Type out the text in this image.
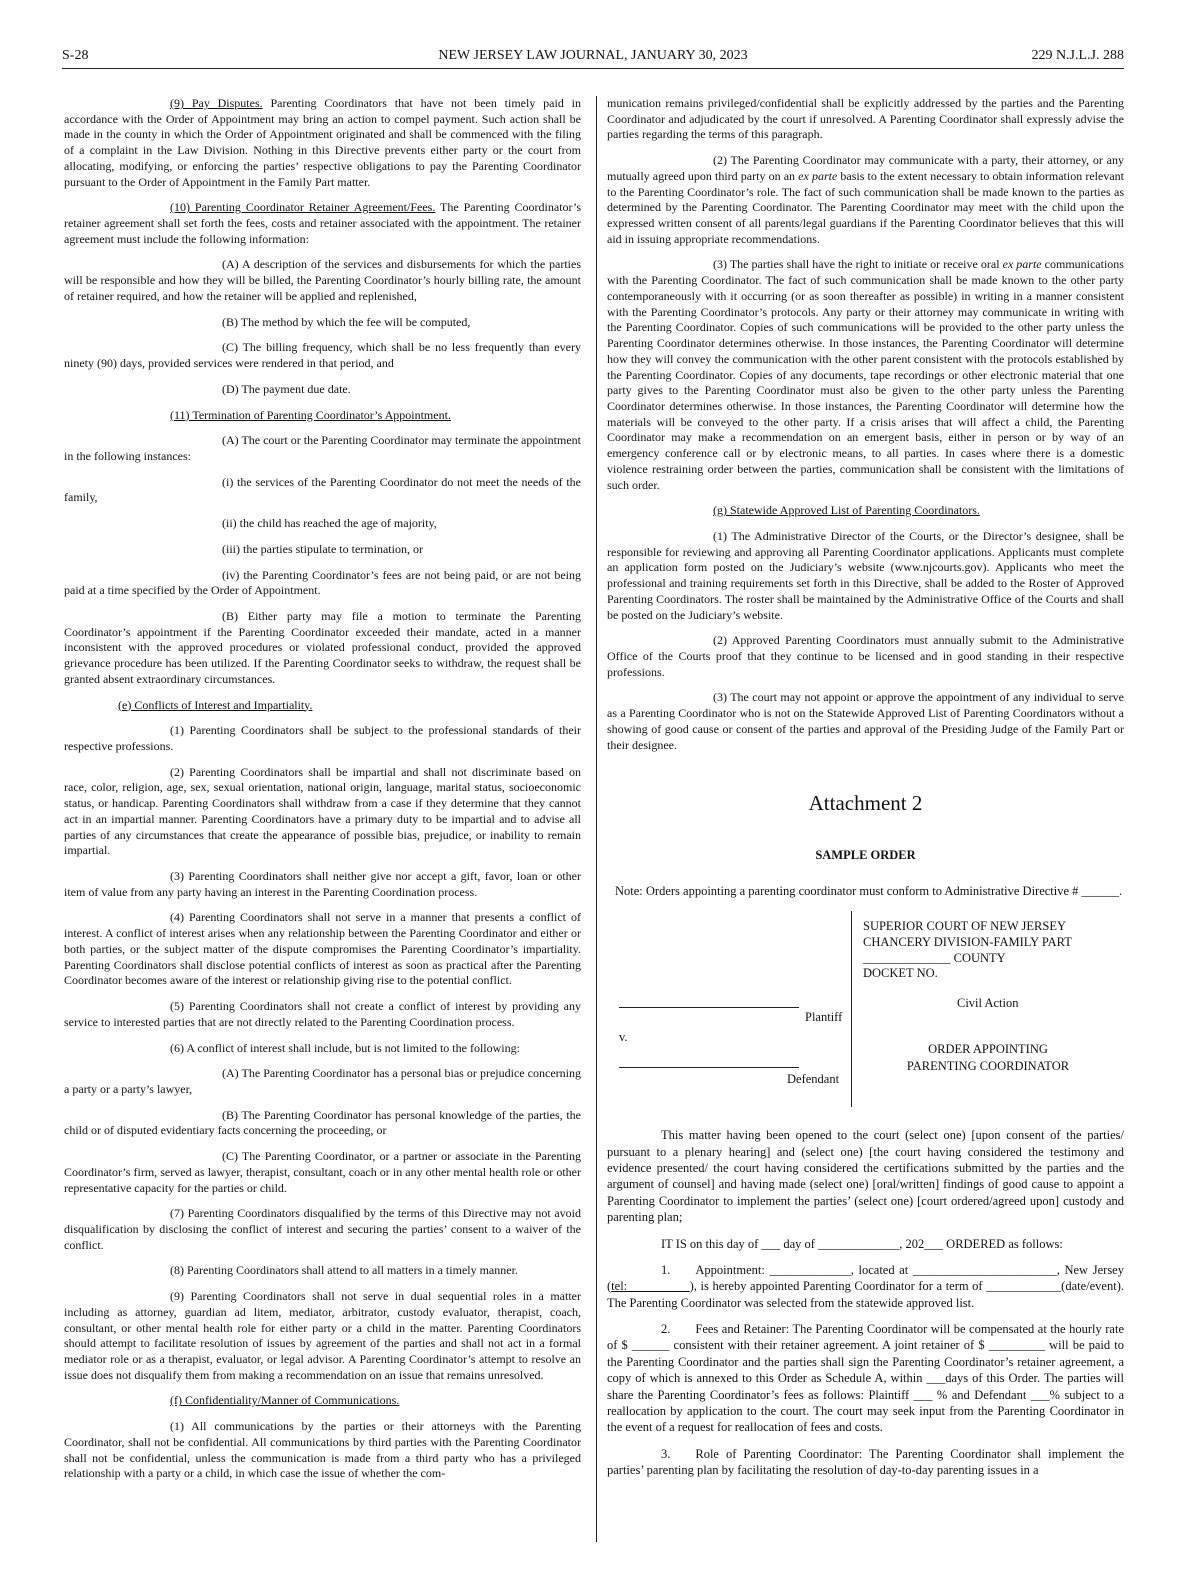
S-28	NEW JERSEY LAW JOURNAL, JANUARY 30, 2023	229 N.J.L.J. 288

(9) Pay Disputes. Parenting Coordinators that have not been timely paid in accordance with the Order of Appointment may bring an action to compel payment. Such action shall be made in the county in which the Order of Appointment originated and shall be commenced with the filing of a complaint in the Law Division. Nothing in this Directive prevents either party or the court from allocating, modifying, or enforcing the parties’ respective obligations to pay the Parenting Coordinator pursuant to the Order of Appointment in the Family Part matter.

(10) Parenting Coordinator Retainer Agreement/Fees. The Parenting Coordinator’s retainer agreement shall set forth the fees, costs and retainer associated with the appointment. The retainer agreement must include the following information:

(A) A description of the services and disbursements for which the parties will be responsible and how they will be billed, the Parenting Coordinator’s hourly billing rate, the amount of retainer required, and how the retainer will be applied and replenished,

(B) The method by which the fee will be computed,

(C) The billing frequency, which shall be no less frequently than every ninety (90) days, provided services were rendered in that period, and

(D) The payment due date.

(11) Termination of Parenting Coordinator’s Appointment.

(A) The court or the Parenting Coordinator may terminate the appointment in the following instances:

(i) the services of the Parenting Coordinator do not meet the needs of the family,

(ii) the child has reached the age of majority,

(iii) the parties stipulate to termination, or

(iv) the Parenting Coordinator’s fees are not being paid, or are not being paid at a time specified by the Order of Appointment.

(B) Either party may file a motion to terminate the Parenting Coordinator’s appointment if the Parenting Coordinator exceeded their mandate, acted in a manner inconsistent with the approved procedures or violated professional conduct, provided the approved grievance procedure has been utilized. If the Parenting Coordinator seeks to withdraw, the request shall be granted absent extraordinary circumstances.

(e) Conflicts of Interest and Impartiality.

(1) Parenting Coordinators shall be subject to the professional standards of their respective professions.

(2) Parenting Coordinators shall be impartial and shall not discriminate based on race, color, religion, age, sex, sexual orientation, national origin, language, marital status, socioeconomic status, or handicap. Parenting Coordinators shall withdraw from a case if they determine that they cannot act in an impartial manner. Parenting Coordinators have a primary duty to be impartial and to advise all parties of any circumstances that create the appearance of possible bias, prejudice, or inability to remain impartial.

(3) Parenting Coordinators shall neither give nor accept a gift, favor, loan or other item of value from any party having an interest in the Parenting Coordination process.

(4) Parenting Coordinators shall not serve in a manner that presents a conflict of interest. A conflict of interest arises when any relationship between the Parenting Coordinator and either or both parties, or the subject matter of the dispute compromises the Parenting Coordinator’s impartiality. Parenting Coordinators shall disclose potential conflicts of interest as soon as practical after the Parenting Coordinator becomes aware of the interest or relationship giving rise to the potential conflict.

(5) Parenting Coordinators shall not create a conflict of interest by providing any service to interested parties that are not directly related to the Parenting Coordination process.

(6) A conflict of interest shall include, but is not limited to the following:

(A) The Parenting Coordinator has a personal bias or prejudice concerning a party or a party’s lawyer,

(B) The Parenting Coordinator has personal knowledge of the parties, the child or of disputed evidentiary facts concerning the proceeding, or

(C) The Parenting Coordinator, or a partner or associate in the Parenting Coordinator’s firm, served as lawyer, therapist, consultant, coach or in any other mental health role or other representative capacity for the parties or child.

(7) Parenting Coordinators disqualified by the terms of this Directive may not avoid disqualification by disclosing the conflict of interest and securing the parties’ consent to a waiver of the conflict.

(8) Parenting Coordinators shall attend to all matters in a timely manner.

(9) Parenting Coordinators shall not serve in dual sequential roles in a matter including as attorney, guardian ad litem, mediator, arbitrator, custody evaluator, therapist, coach, consultant, or other mental health role for either party or a child in the matter. Parenting Coordinators should attempt to facilitate resolution of issues by agreement of the parties and shall not act in a formal mediator role or as a therapist, evaluator, or legal advisor. A Parenting Coordinator’s attempt to resolve an issue does not disqualify them from making a recommendation on an issue that remains unresolved.

(f) Confidentiality/Manner of Communications.

(1) All communications by the parties or their attorneys with the Parenting Coordinator, shall not be confidential. All communications by third parties with the Parenting Coordinator shall not be confidential, unless the communication is made from a third party who has a privileged relationship with a party or a child, in which case the issue of whether the com-

munication remains privileged/confidential shall be explicitly addressed by the parties and the Parenting Coordinator and adjudicated by the court if unresolved. A Parenting Coordinator shall expressly advise the parties regarding the terms of this paragraph.

(2) The Parenting Coordinator may communicate with a party, their attorney, or any mutually agreed upon third party on an ex parte basis to the extent necessary to obtain information relevant to the Parenting Coordinator’s role. The fact of such communication shall be made known to the parties as determined by the Parenting Coordinator. The Parenting Coordinator may meet with the child upon the expressed written consent of all parents/legal guardians if the Parenting Coordinator believes that this will aid in issuing appropriate recommendations.

(3) The parties shall have the right to initiate or receive oral ex parte communications with the Parenting Coordinator. The fact of such communication shall be made known to the other party contemporaneously with it occurring (or as soon thereafter as possible) in writing in a manner consistent with the Parenting Coordinator’s protocols. Any party or their attorney may communicate in writing with the Parenting Coordinator. Copies of such communications will be provided to the other party unless the Parenting Coordinator determines otherwise. In those instances, the Parenting Coordinator will determine how they will convey the communication with the other parent consistent with the protocols established by the Parenting Coordinator. Copies of any documents, tape recordings or other electronic material that one party gives to the Parenting Coordinator must also be given to the other party unless the Parenting Coordinator determines otherwise. In those instances, the Parenting Coordinator will determine how the materials will be conveyed to the other party. If a crisis arises that will affect a child, the Parenting Coordinator may make a recommendation on an emergent basis, either in person or by way of an emergency conference call or by electronic means, to all parties. In cases where there is a domestic violence restraining order between the parties, communication shall be consistent with the limitations of such order.

(g) Statewide Approved List of Parenting Coordinators.

(1) The Administrative Director of the Courts, or the Director’s designee, shall be responsible for reviewing and approving all Parenting Coordinator applications. Applicants must complete an application form posted on the Judiciary’s website (www.njcourts.gov). Applicants who meet the professional and training requirements set forth in this Directive, shall be added to the Roster of Approved Parenting Coordinators. The roster shall be maintained by the Administrative Office of the Courts and shall be posted on the Judiciary’s website.

(2) Approved Parenting Coordinators must annually submit to the Administrative Office of the Courts proof that they continue to be licensed and in good standing in their respective professions.

(3) The court may not appoint or approve the appointment of any individual to serve as a Parenting Coordinator who is not on the Statewide Approved List of Parenting Coordinators without a showing of good cause or consent of the parties and approval of the Presiding Judge of the Family Part or their designee.

Attachment 2

SAMPLE ORDER

Note: Orders appointing a parenting coordinator must conform to Administrative Directive # ______.

SUPERIOR COURT OF NEW JERSEY
CHANCERY DIVISION-FAMILY PART
______________ COUNTY
DOCKET NO.
Plantiff
v.
Defendant
Civil Action
ORDER APPOINTING
PARENTING COORDINATOR

This matter having been opened to the court (select one) [upon consent of the parties/ pursuant to a plenary hearing] and (select one) [the court having considered the testimony and evidence presented/ the court having considered the certifications submitted by the parties and the argument of counsel] and having made (select one) [oral/written] findings of good cause to appoint a Parenting Coordinator to implement the parties’ (select one) [court ordered/agreed upon] custody and parenting plan;

IT IS on this day of ___ day of _____________, 202___ ORDERED as follows:

1.  Appointment: _____________, located at _______________________, New Jersey (tel:__________), is hereby appointed Parenting Coordinator for a term of ____________(date/event). The Parenting Coordinator was selected from the statewide approved list.

2.  Fees and Retainer: The Parenting Coordinator will be compensated at the hourly rate of $ ______ consistent with their retainer agreement. A joint retainer of $ _________ will be paid to the Parenting Coordinator and the parties shall sign the Parenting Coordinator’s retainer agreement, a copy of which is annexed to this Order as Schedule A, within ___days of this Order. The parties will share the Parenting Coordinator’s fees as follows: Plaintiff ___ % and Defendant ___% subject to a reallocation by application to the court. The court may seek input from the Parenting Coordinator in the event of a request for reallocation of fees and costs.

3.  Role of Parenting Coordinator: The Parenting Coordinator shall implement the parties’ parenting plan by facilitating the resolution of day-to-day parenting issues in a
